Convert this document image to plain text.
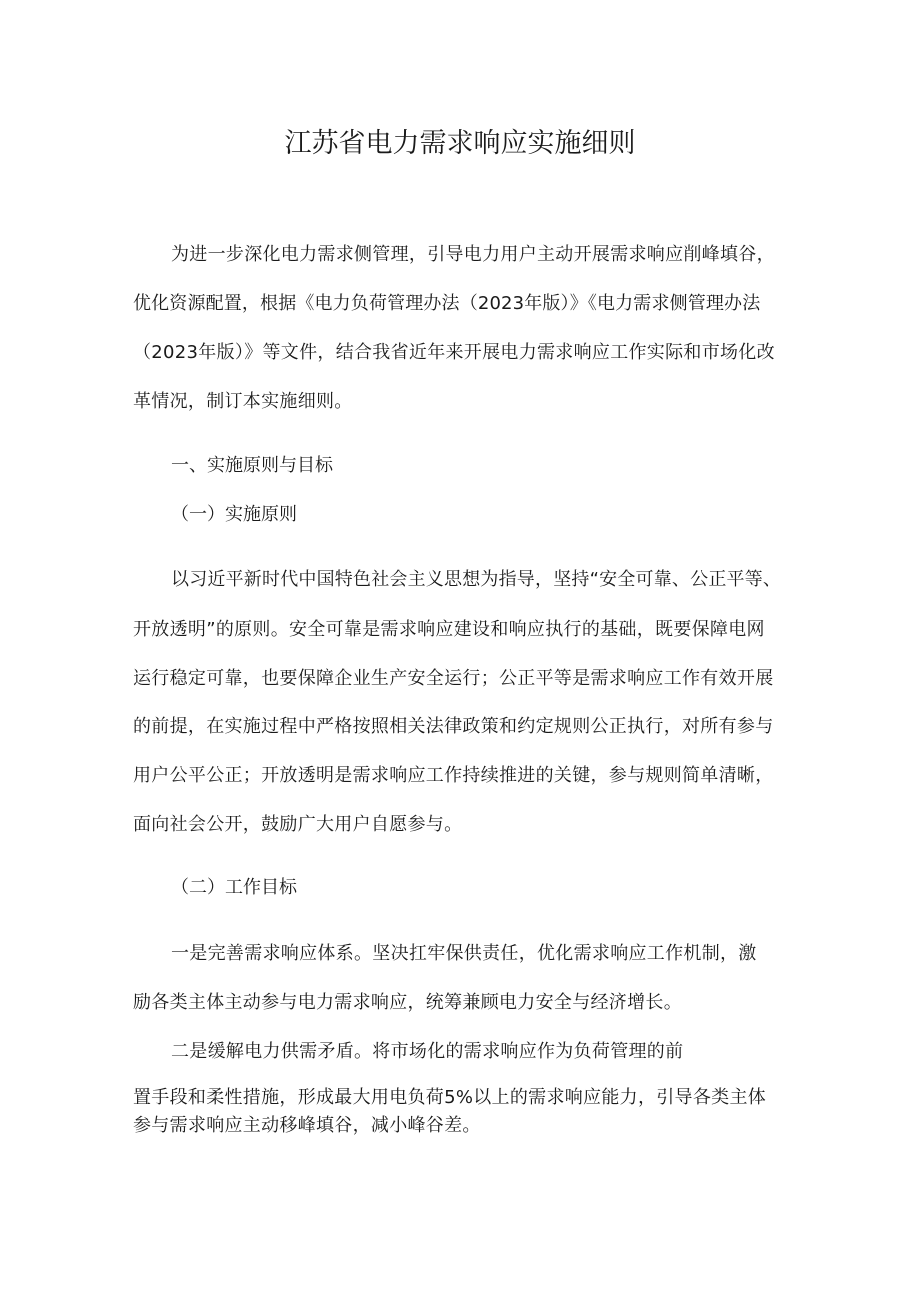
江苏省电力需求响应实施细则

为进一步深化电力需求侧管理，引导电力用户主动开展需求响应削峰填谷，

优化资源配置，根据《电力负荷管理办法（2023年版）》《电力需求侧管理办法

（2023年版）》等文件，结合我省近年来开展电力需求响应工作实际和市场化改

革情况，制订本实施细则。

一、实施原则与目标

（一）实施原则

以习近平新时代中国特色社会主义思想为指导，坚持“安全可靠、公正平等、

开放透明”的原则。安全可靠是需求响应建设和响应执行的基础，既要保障电网

运行稳定可靠，也要保障企业生产安全运行；公正平等是需求响应工作有效开展

的前提，在实施过程中严格按照相关法律政策和约定规则公正执行，对所有参与

用户公平公正；开放透明是需求响应工作持续推进的关键，参与规则简单清晰，

面向社会公开，鼓励广大用户自愿参与。

（二）工作目标

一是完善需求响应体系。坚决扛牢保供责任，优化需求响应工作机制，激

励各类主体主动参与电力需求响应，统筹兼顾电力安全与经济增长。

二是缓解电力供需矛盾。将市场化的需求响应作为负荷管理的前

置手段和柔性措施，形成最大用电负荷5%以上的需求响应能力，引导各类主体

参与需求响应主动移峰填谷，减小峰谷差。
